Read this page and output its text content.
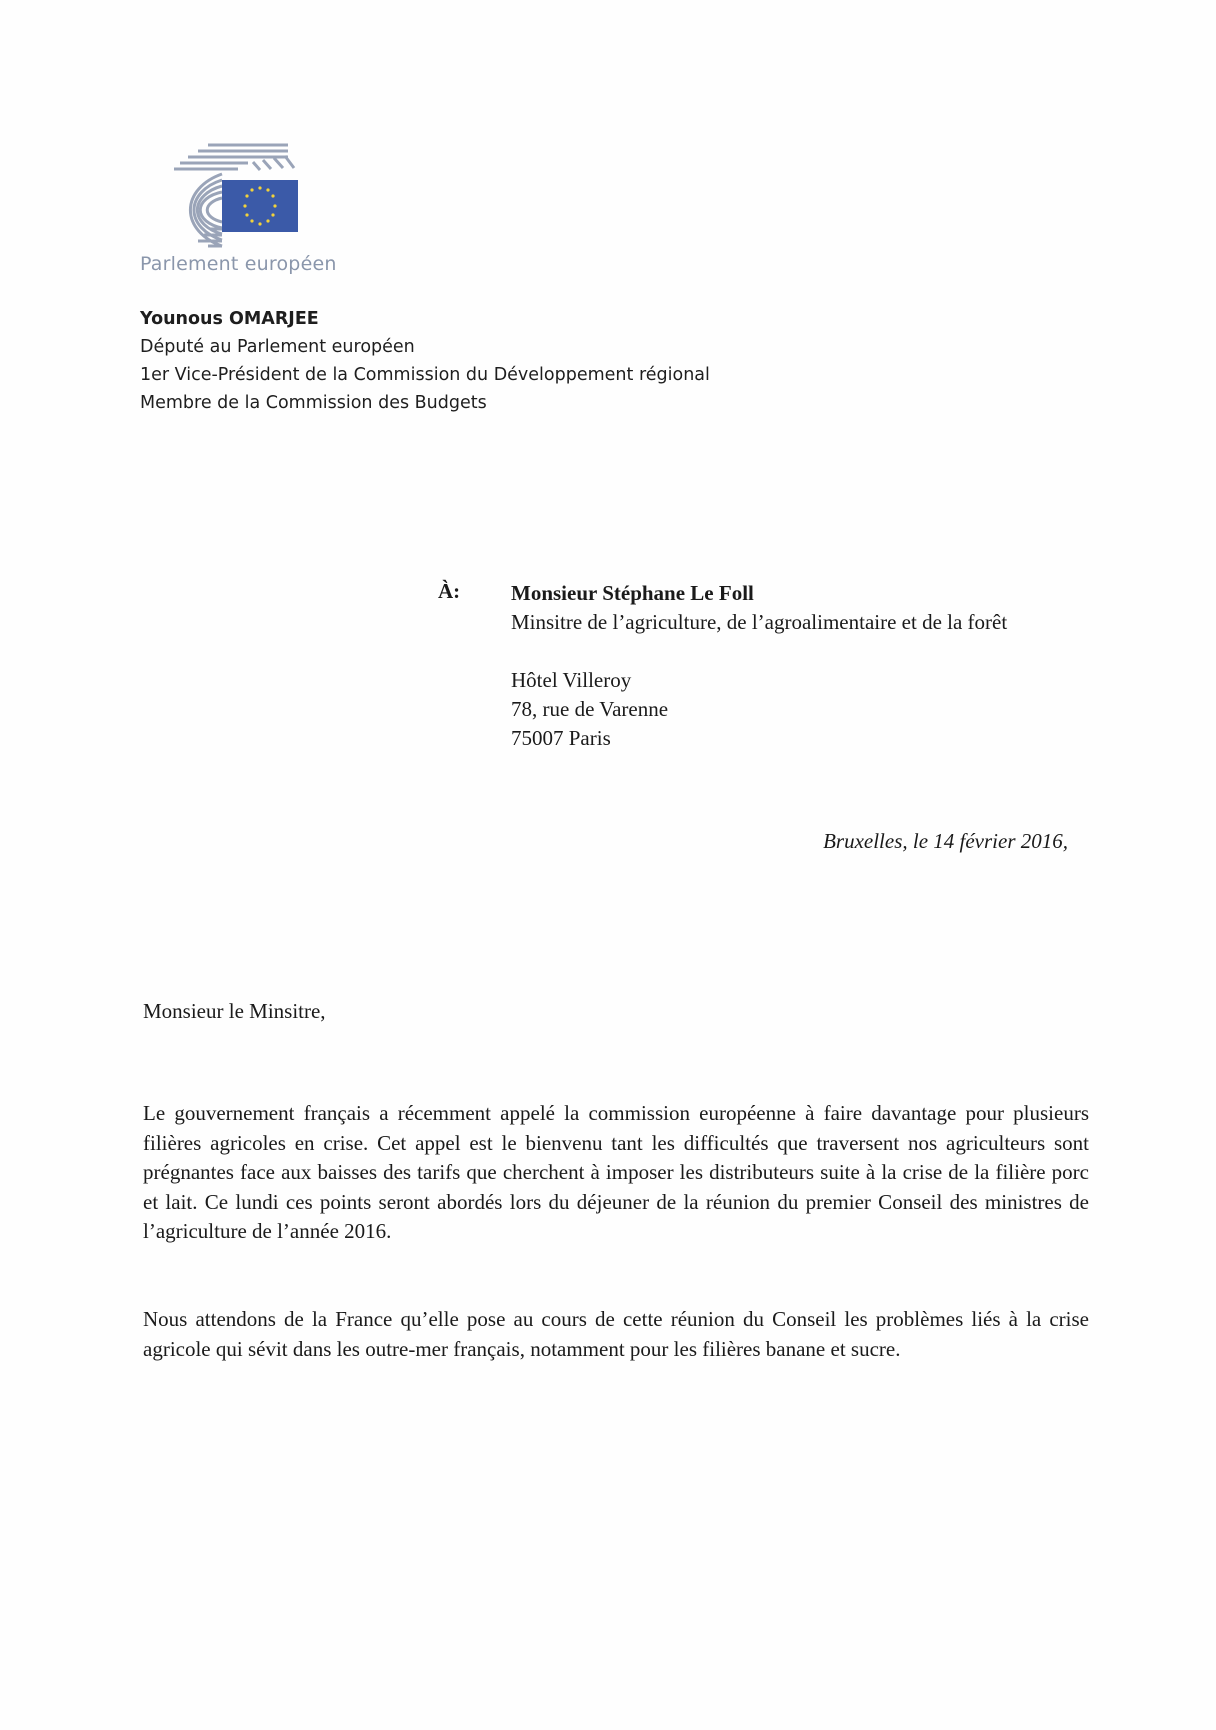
Parlement européen
Younous OMARJEE
Député au Parlement européen
1er Vice-Président de la Commission du Développement régional
Membre de la Commission des Budgets
À: Monsieur Stéphane Le Foll
Minsitre de l’agriculture, de l’agroalimentaire et de la forêt
Hôtel Villeroy
78, rue de Varenne
75007 Paris
Bruxelles, le 14 février 2016,
Monsieur le Minsitre,
Le gouvernement français a récemment appelé la commission européenne à faire davantage pour plusieurs filières agricoles en crise. Cet appel est le bienvenu tant les difficultés que traversent nos agriculteurs sont prégnantes face aux baisses des tarifs que cherchent à imposer les distributeurs suite à la crise de la filière porc et lait. Ce lundi ces points seront abordés lors du déjeuner de la réunion du premier Conseil des ministres de l’agriculture de l’année 2016.
Nous attendons de la France qu’elle pose au cours de cette réunion du Conseil les problèmes liés à la crise agricole qui sévit dans les outre-mer français, notamment pour les filières banane et sucre.
